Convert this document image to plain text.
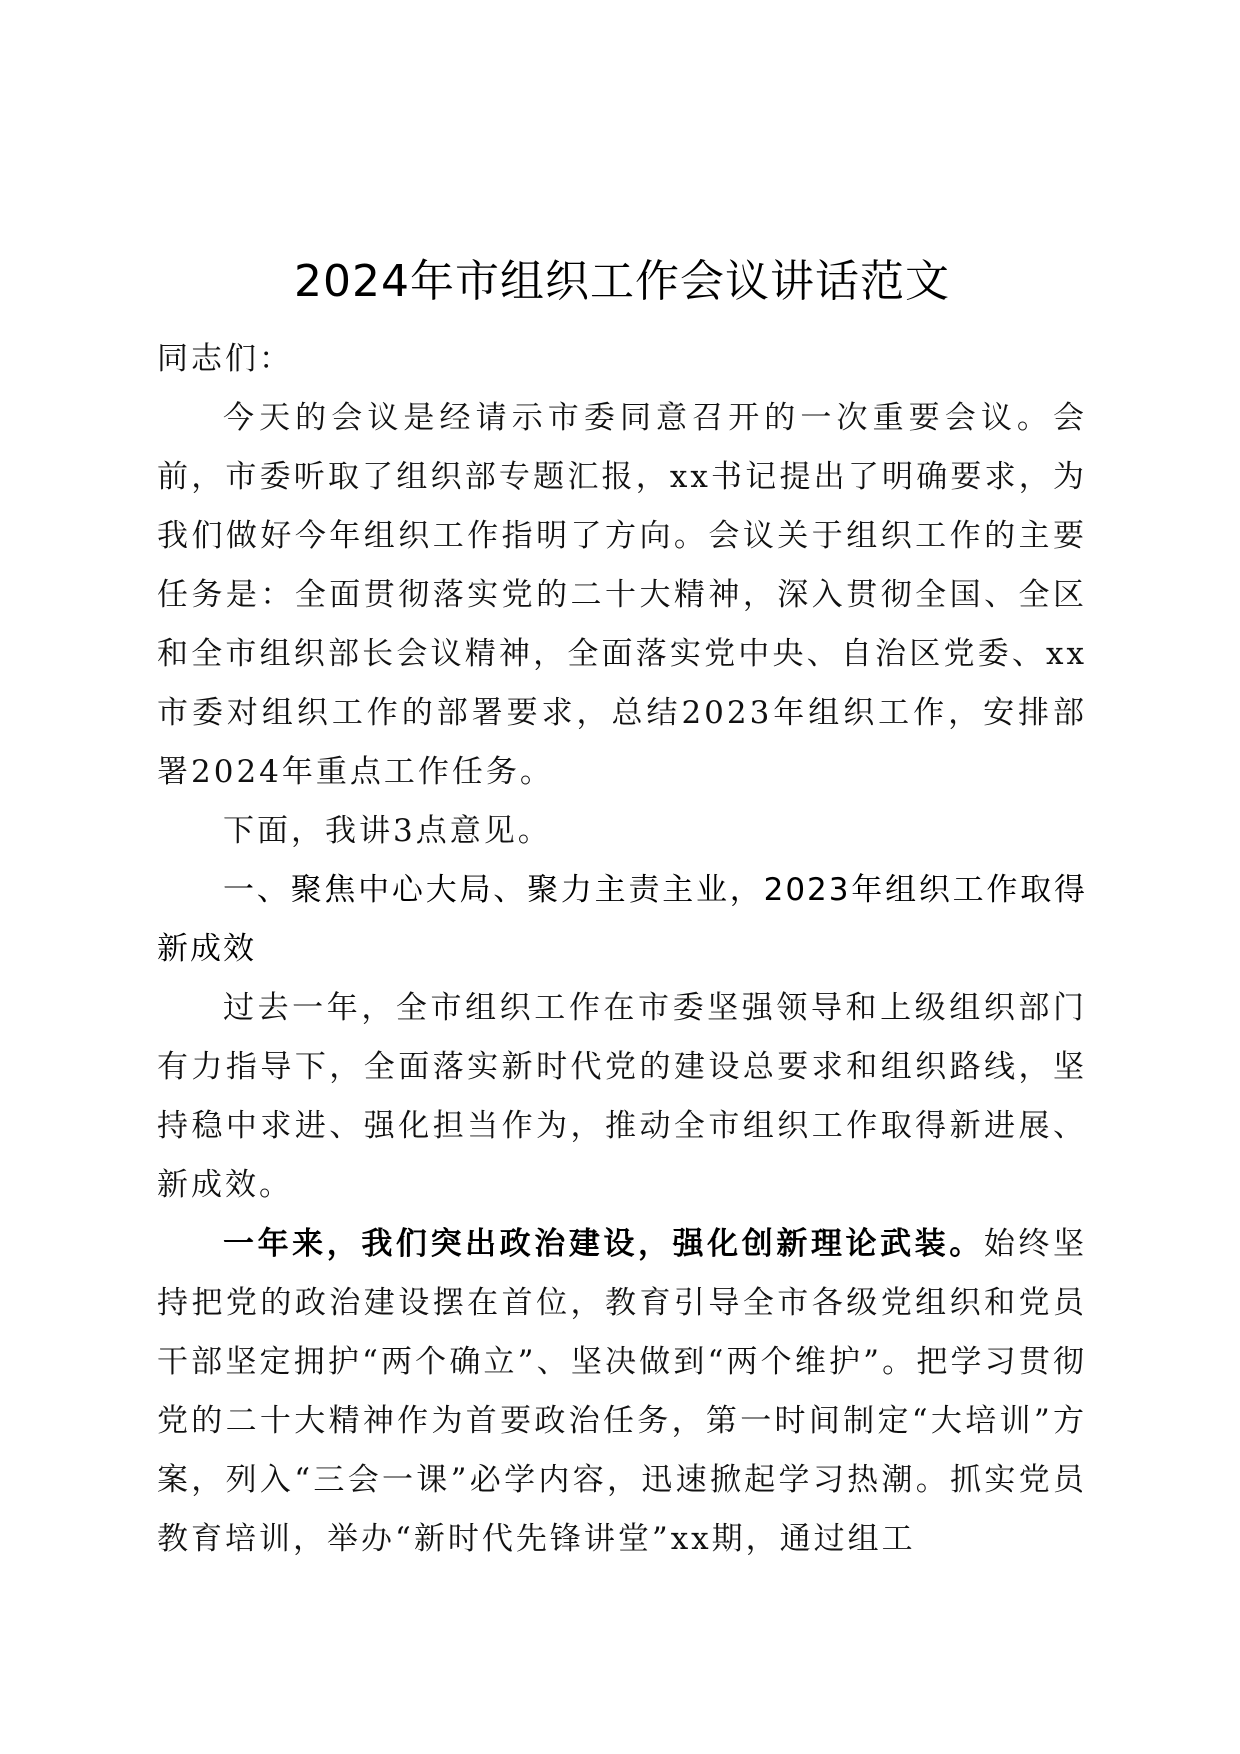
2024年市组织工作会议讲话范文

同志们：

今天的会议是经请示市委同意召开的一次重要会议。会前，市委听取了组织部专题汇报，xx书记提出了明确要求，为我们做好今年组织工作指明了方向。会议关于组织工作的主要任务是：全面贯彻落实党的二十大精神，深入贯彻全国、全区和全市组织部长会议精神，全面落实党中央、自治区党委、xx市委对组织工作的部署要求，总结2023年组织工作，安排部署2024年重点工作任务。

下面，我讲3点意见。

一、聚焦中心大局、聚力主责主业，2023年组织工作取得新成效

过去一年，全市组织工作在市委坚强领导和上级组织部门有力指导下，全面落实新时代党的建设总要求和组织路线，坚持稳中求进、强化担当作为，推动全市组织工作取得新进展、新成效。

一年来，我们突出政治建设，强化创新理论武装。始终坚持把党的政治建设摆在首位，教育引导全市各级党组织和党员干部坚定拥护“两个确立”、坚决做到“两个维护”。把学习贯彻党的二十大精神作为首要政治任务，第一时间制定“大培训”方案，列入“三会一课”必学内容，迅速掀起学习热潮。抓实党员教育培训，举办“新时代先锋讲堂”xx期，通过组工
